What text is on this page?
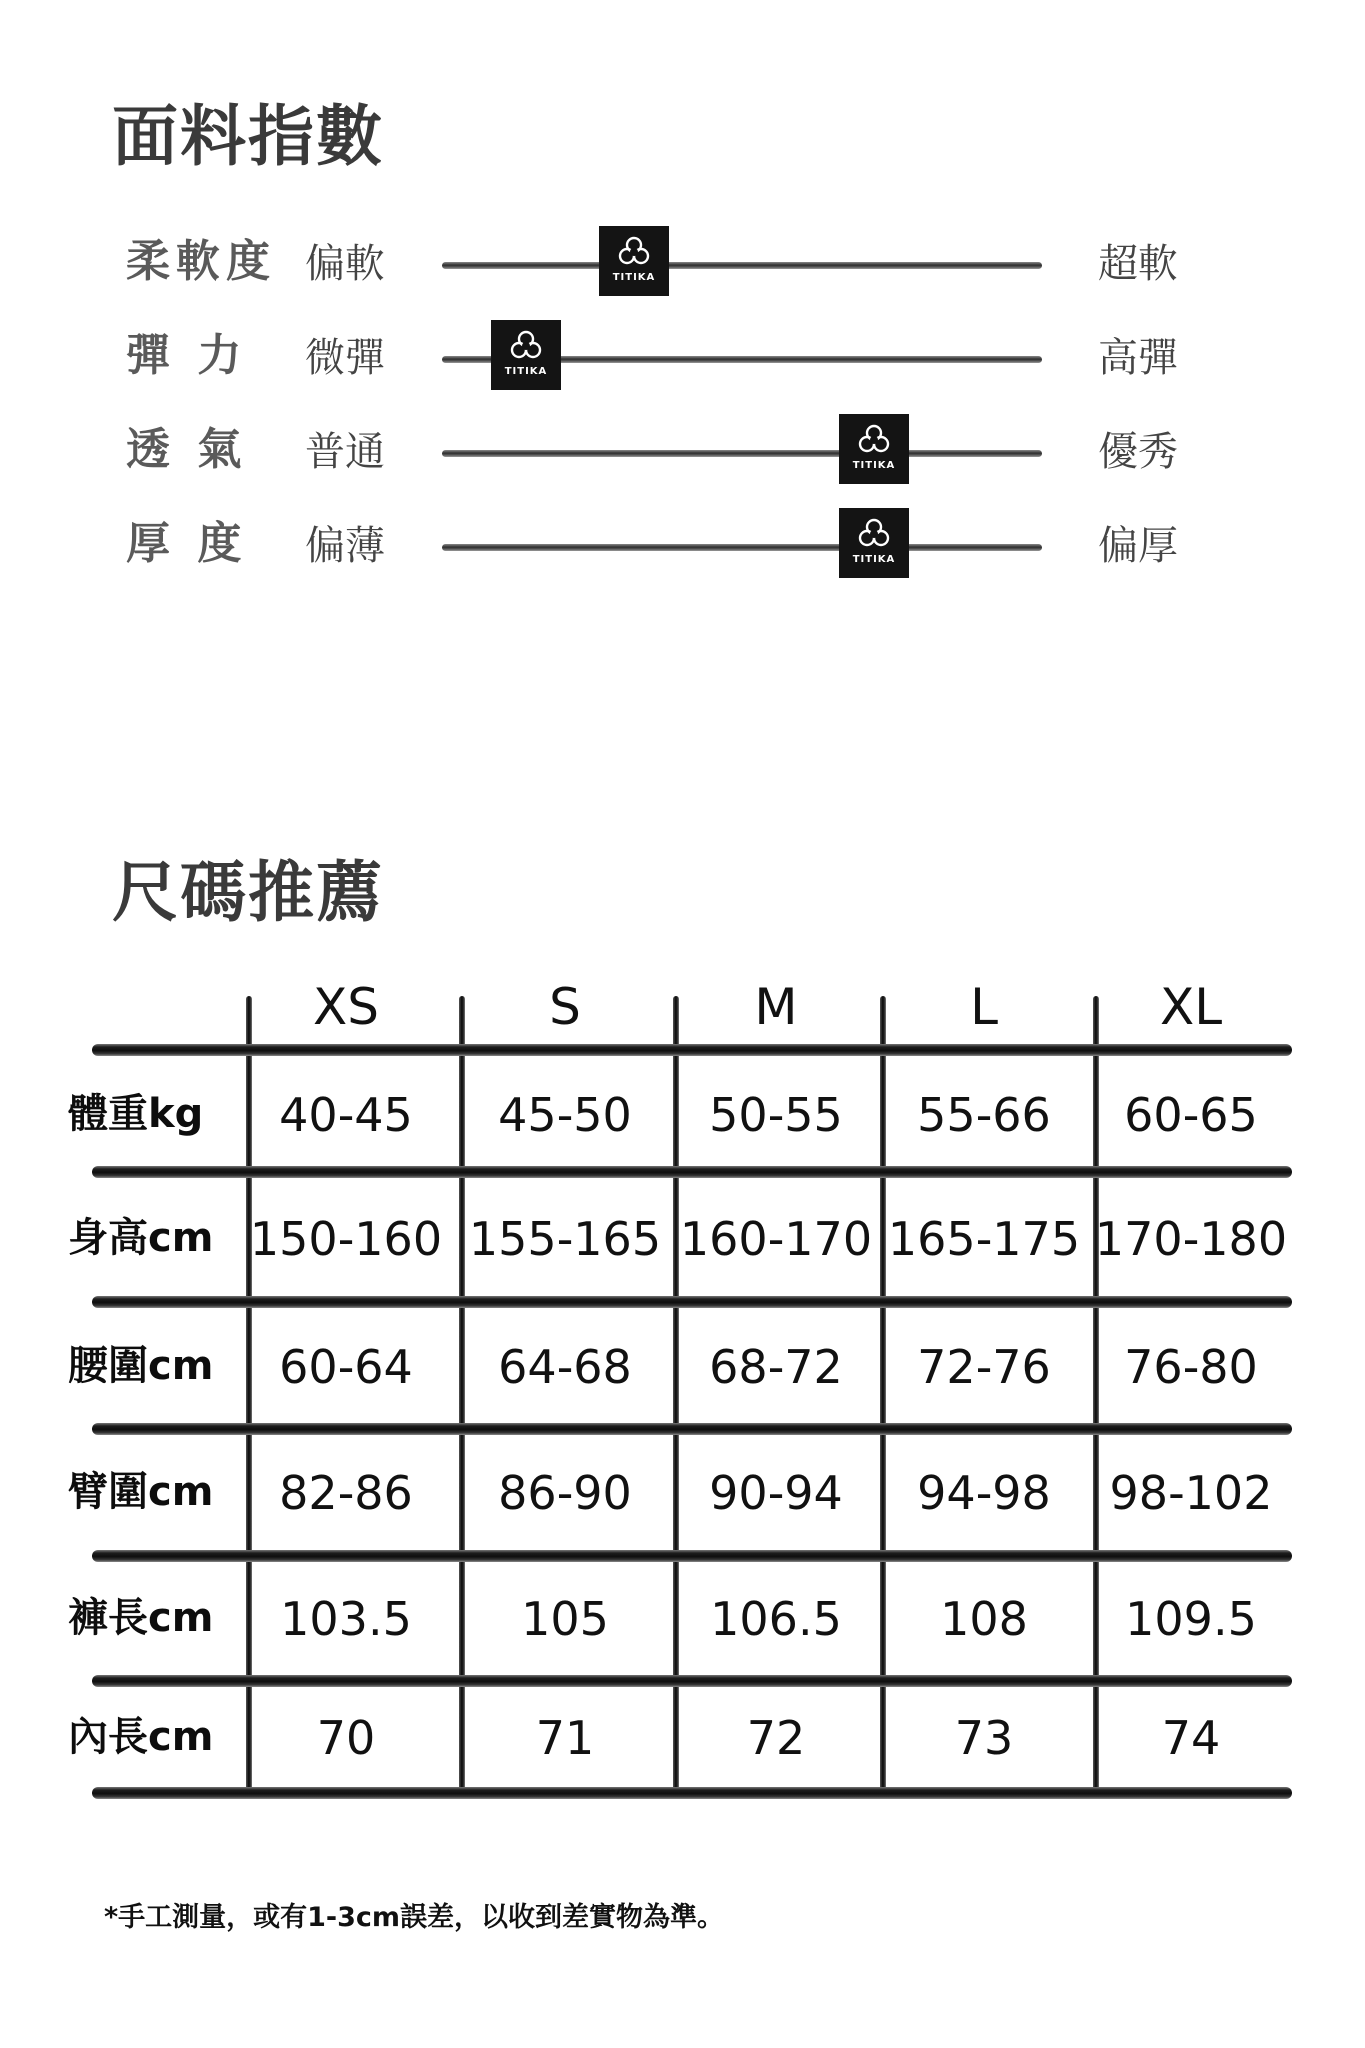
面料指數
柔軟度 偏軟	TITIKA	超軟
彈 力	微彈	TITIKA	高彈
透 氣	普通	TITIKA	優秀
厚 度	偏薄	TITIKA	偏厚
尺碼推薦
XS	S	M	L	XL
體重kg	40-45	45-50	50-55	55-66	60-65
身高cm 150-160 155-165 160-170 165-175 170-180
腰圍cm	60-64	64-68	68-72	72-76	76-80
臂圍cm	82-86	86-90	90-94	94-98	98-102
褲長cm	103.5	105	106.5	108	109.5
內長cm	70	71	72	73	74
*手工測量，或有1-3cm誤差，以收到差實物為準。
